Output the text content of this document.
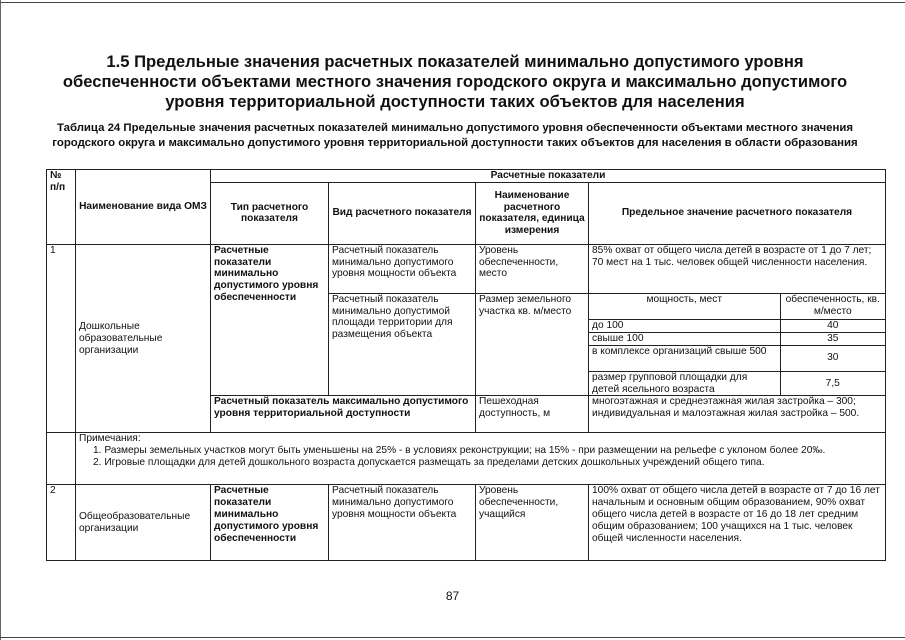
1.5 Предельные значения расчетных показателей минимально допустимого уровня обеспеченности объектами местного значения городского округа и максимально допустимого уровня территориальной доступности таких объектов для населения
Таблица 24 Предельные значения расчетных показателей минимально допустимого уровня обеспеченности объектами местного значения городского округа и максимально допустимого уровня территориальной доступности таких объектов для населения в области образования
№ п/п	Наименование вида ОМЗ	Расчетные показатели
Тип расчетного показателя	Вид расчетного показателя	Наименование расчетного показателя, единица измерения	Предельное значение расчетного показателя
1	Дошкольные образовательные организации	Расчетные показатели минимально допустимого уровня обеспеченности	Расчетный показатель минимально допустимого уровня мощности объекта	Уровень обеспеченности, место	85% охват от общего числа детей в возрасте от 1 до 7 лет; 70 мест на 1 тыс. человек общей численности населения.
Расчетный показатель минимально допустимой площади территории для размещения объекта	Размер земельного участка кв. м/место	
мощность, мест	обеспеченность, кв. м/место
до 100	40
свыше 100	35
в комплексе организаций свыше 500	30
размер групповой площадки для детей ясельного возраста	7,5

Расчетный показатель максимально допустимого уровня территориальной доступности	Пешеходная доступность, м	многоэтажная и среднеэтажная жилая застройка – 300; индивидуальная и малоэтажная жилая застройка – 500.

Примечания:
1. Размеры земельных участков могут быть уменьшены на 25% - в условиях реконструкции; на 15% - при размещении на рельефе с уклоном более 20‰.
2. Игровые площадки для детей дошкольного возраста допускается размещать за пределами детских дошкольных учреждений общего типа.

2	Общеобразовательные организации	Расчетные показатели минимально допустимого уровня обеспеченности	Расчетный показатель минимально допустимого уровня мощности объекта	Уровень обеспеченности, учащийся	100% охват от общего числа детей в возрасте от 7 до 16 лет начальным и основным общим образованием, 90% охват общего числа детей в возрасте от 16 до 18 лет средним общим образованием; 100 учащихся на 1 тыс. человек общей численности населения.
87
